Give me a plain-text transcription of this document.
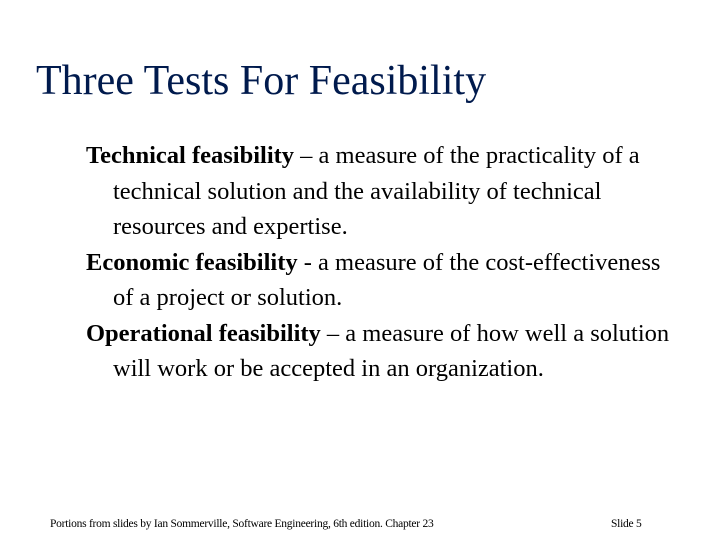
Three Tests For Feasibility

Technical feasibility – a measure of the practicality of a technical solution and the availability of technical resources and expertise.

Economic feasibility - a measure of the cost-effectiveness of a project or solution.

Operational feasibility – a measure of how well a solution will work or be accepted in an organization.

Portions from slides by Ian Sommerville, Software Engineering, 6th edition. Chapter 23	Slide 5
